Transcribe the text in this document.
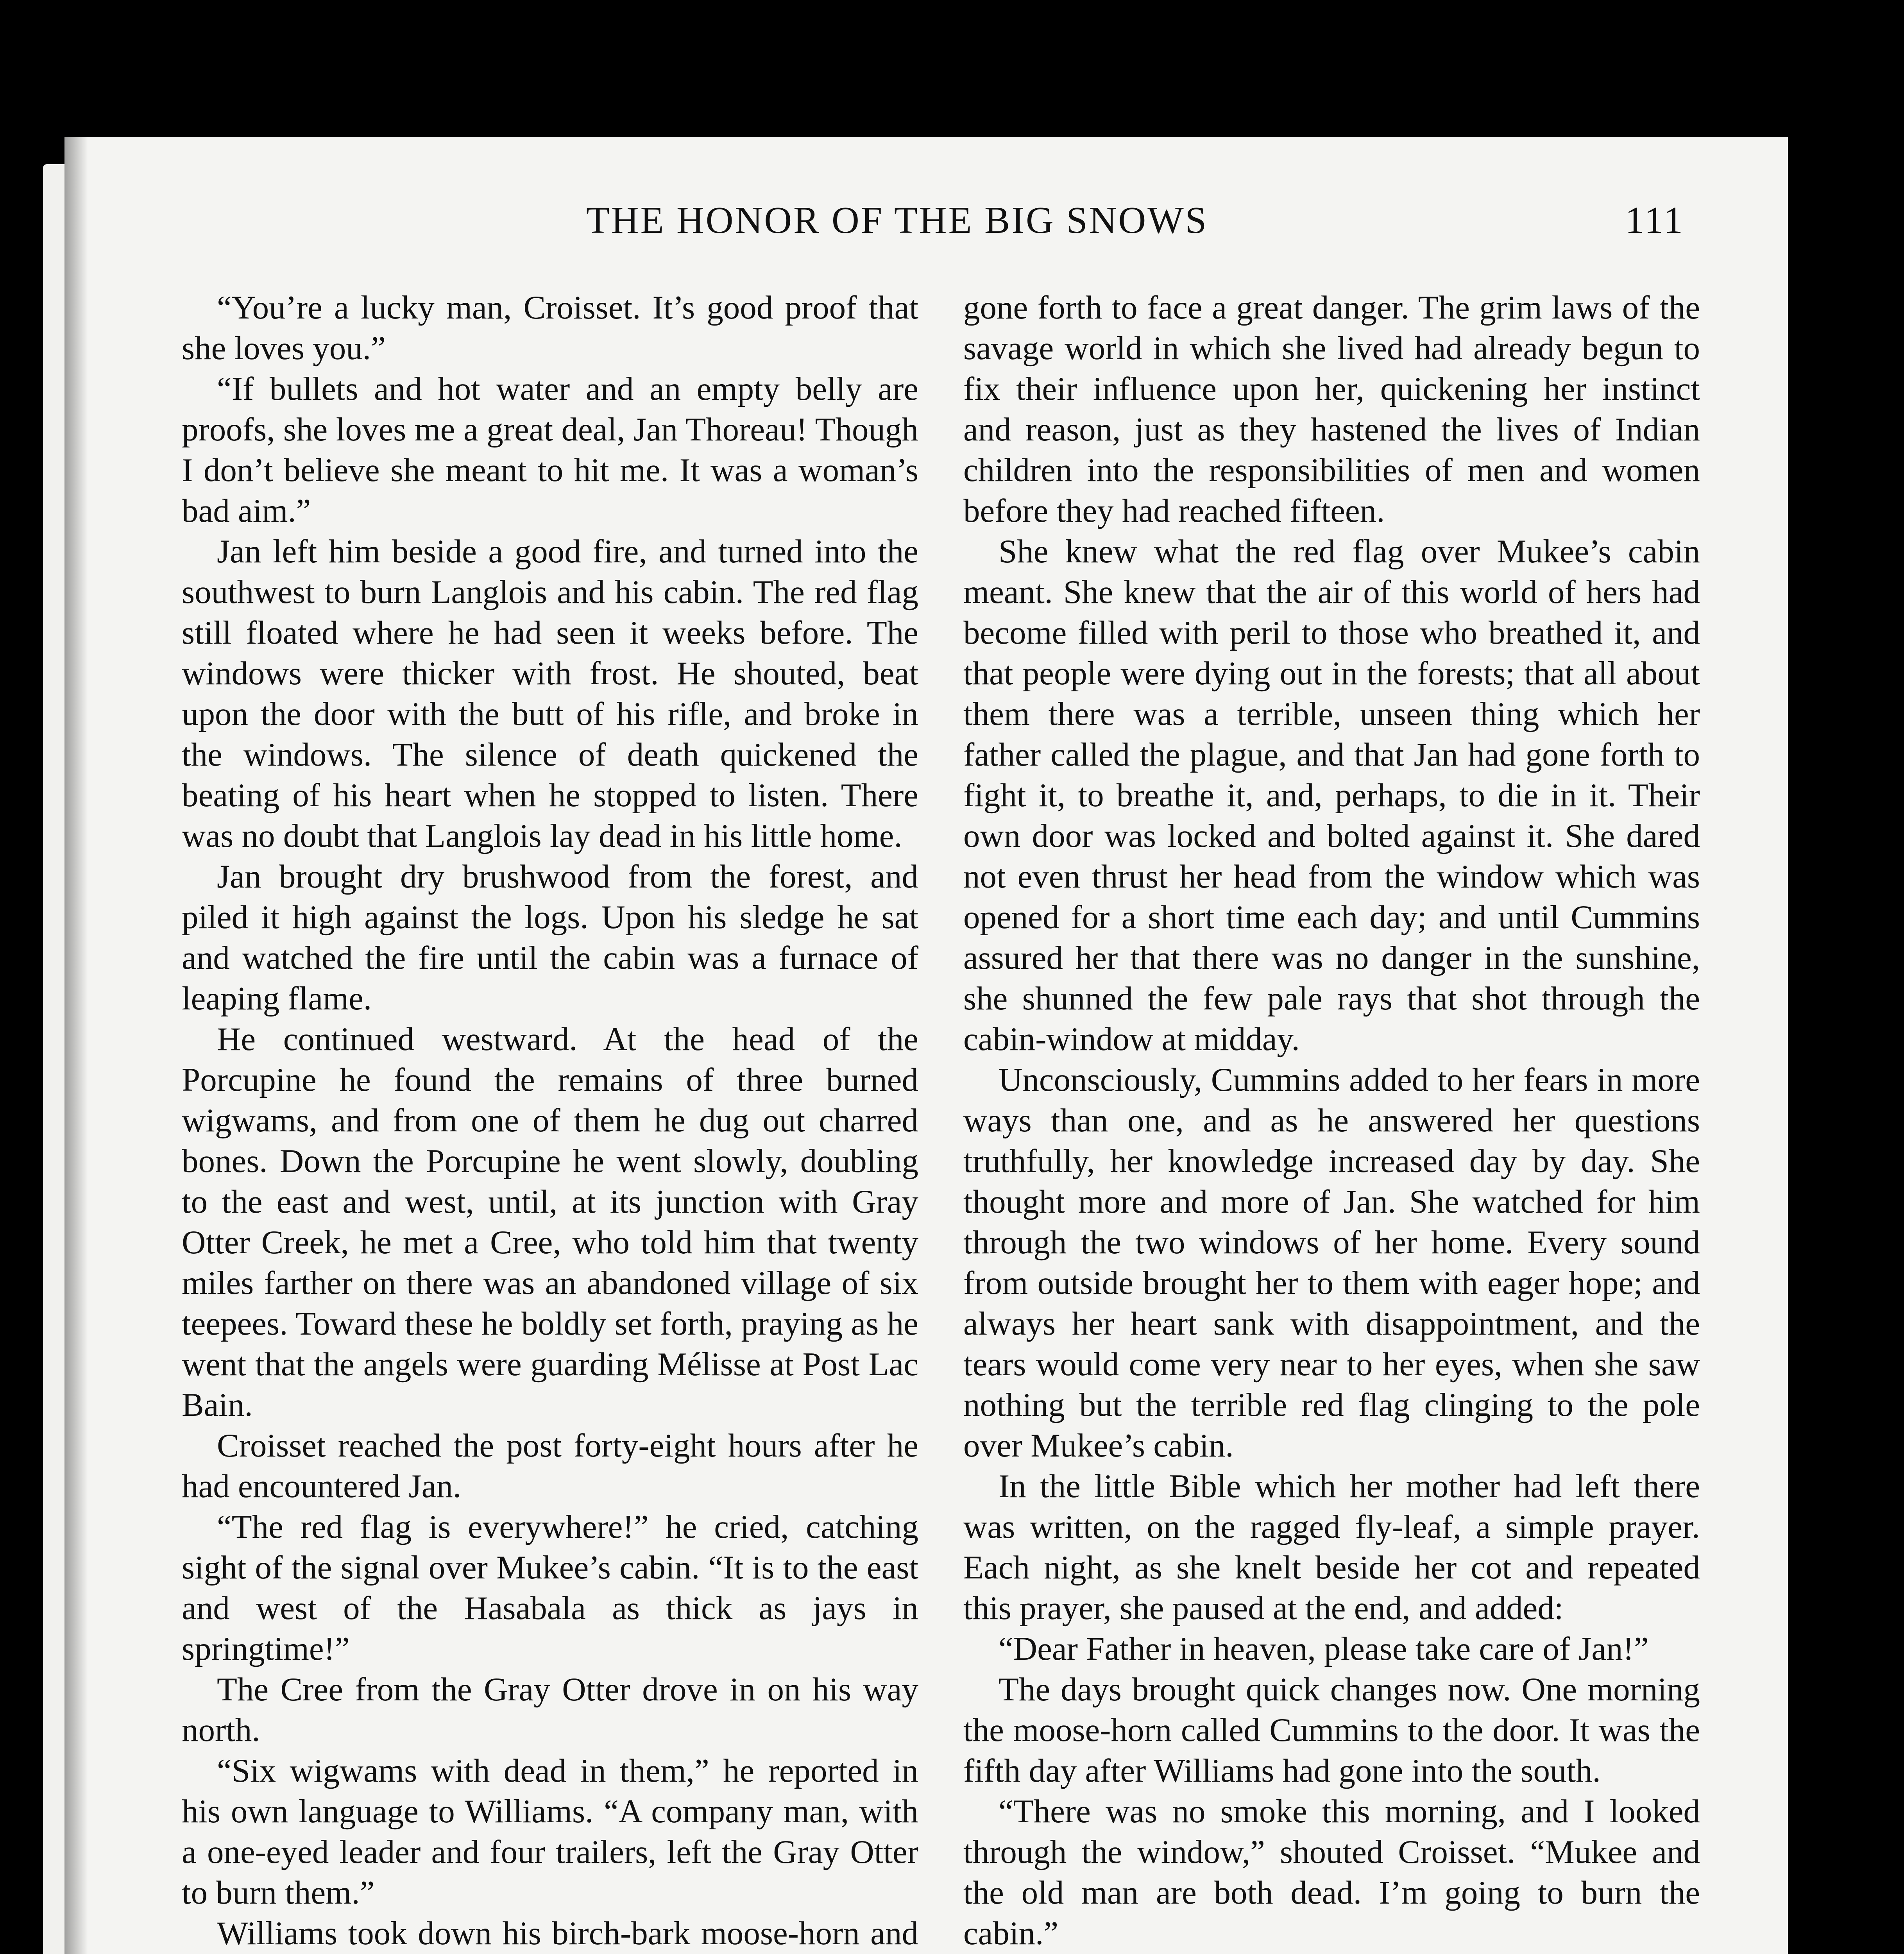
THE HONOR OF THE BIG SNOWS	111

“You’re a lucky man, Croisset. It’s good proof that she loves you.”

“If bullets and hot water and an empty belly are proofs, she loves me a great deal, Jan Thoreau! Though I don’t believe she meant to hit me. It was a woman’s bad aim.”

Jan left him beside a good fire, and turned into the southwest to burn Langlois and his cabin. The red flag still floated where he had seen it weeks before. The windows were thicker with frost. He shouted, beat upon the door with the butt of his rifle, and broke in the windows. The silence of death quickened the beating of his heart when he stopped to listen. There was no doubt that Langlois lay dead in his little home.

Jan brought dry brushwood from the forest, and piled it high against the logs. Upon his sledge he sat and watched the fire until the cabin was a furnace of leaping flame.

He continued westward. At the head of the Porcupine he found the remains of three burned wigwams, and from one of them he dug out charred bones. Down the Porcupine he went slowly, doubling to the east and west, until, at its junction with Gray Otter Creek, he met a Cree, who told him that twenty miles farther on there was an abandoned village of six teepees. Toward these he boldly set forth, praying as he went that the angels were guarding Mélisse at Post Lac Bain.

Croisset reached the post forty-eight hours after he had encountered Jan.

“The red flag is everywhere!” he cried, catching sight of the signal over Mukee’s cabin. “It is to the east and west of the Hasabala as thick as jays in springtime!”

The Cree from the Gray Otter drove in on his way north.

“Six wigwams with dead in them,” he reported in his own language to Williams. “A company man, with a one-eyed leader and four trailers, left the Gray Otter to burn them.”

Williams took down his birch-bark moose-horn and

gone forth to face a great danger. The grim laws of the savage world in which she lived had already begun to fix their influence upon her, quickening her instinct and reason, just as they hastened the lives of Indian children into the responsibilities of men and women before they had reached fifteen.

She knew what the red flag over Mukee’s cabin meant. She knew that the air of this world of hers had become filled with peril to those who breathed it, and that people were dying out in the forests; that all about them there was a terrible, unseen thing which her father called the plague, and that Jan had gone forth to fight it, to breathe it, and, perhaps, to die in it. Their own door was locked and bolted against it. She dared not even thrust her head from the window which was opened for a short time each day; and until Cummins assured her that there was no danger in the sunshine, she shunned the few pale rays that shot through the cabin-window at midday.

Unconsciously, Cummins added to her fears in more ways than one, and as he answered her questions truthfully, her knowledge increased day by day. She thought more and more of Jan. She watched for him through the two windows of her home. Every sound from outside brought her to them with eager hope; and always her heart sank with disappointment, and the tears would come very near to her eyes, when she saw nothing but the terrible red flag clinging to the pole over Mukee’s cabin.

In the little Bible which her mother had left there was written, on the ragged fly-leaf, a simple prayer. Each night, as she knelt beside her cot and repeated this prayer, she paused at the end, and added:

“Dear Father in heaven, please take care of Jan!”

The days brought quick changes now. One morning the moose-horn called Cummins to the door. It was the fifth day after Williams had gone into the south.

“There was no smoke this morning, and I looked through the window,” shouted Croisset. “Mukee and the old man are both dead. I’m going to burn the cabin.”
